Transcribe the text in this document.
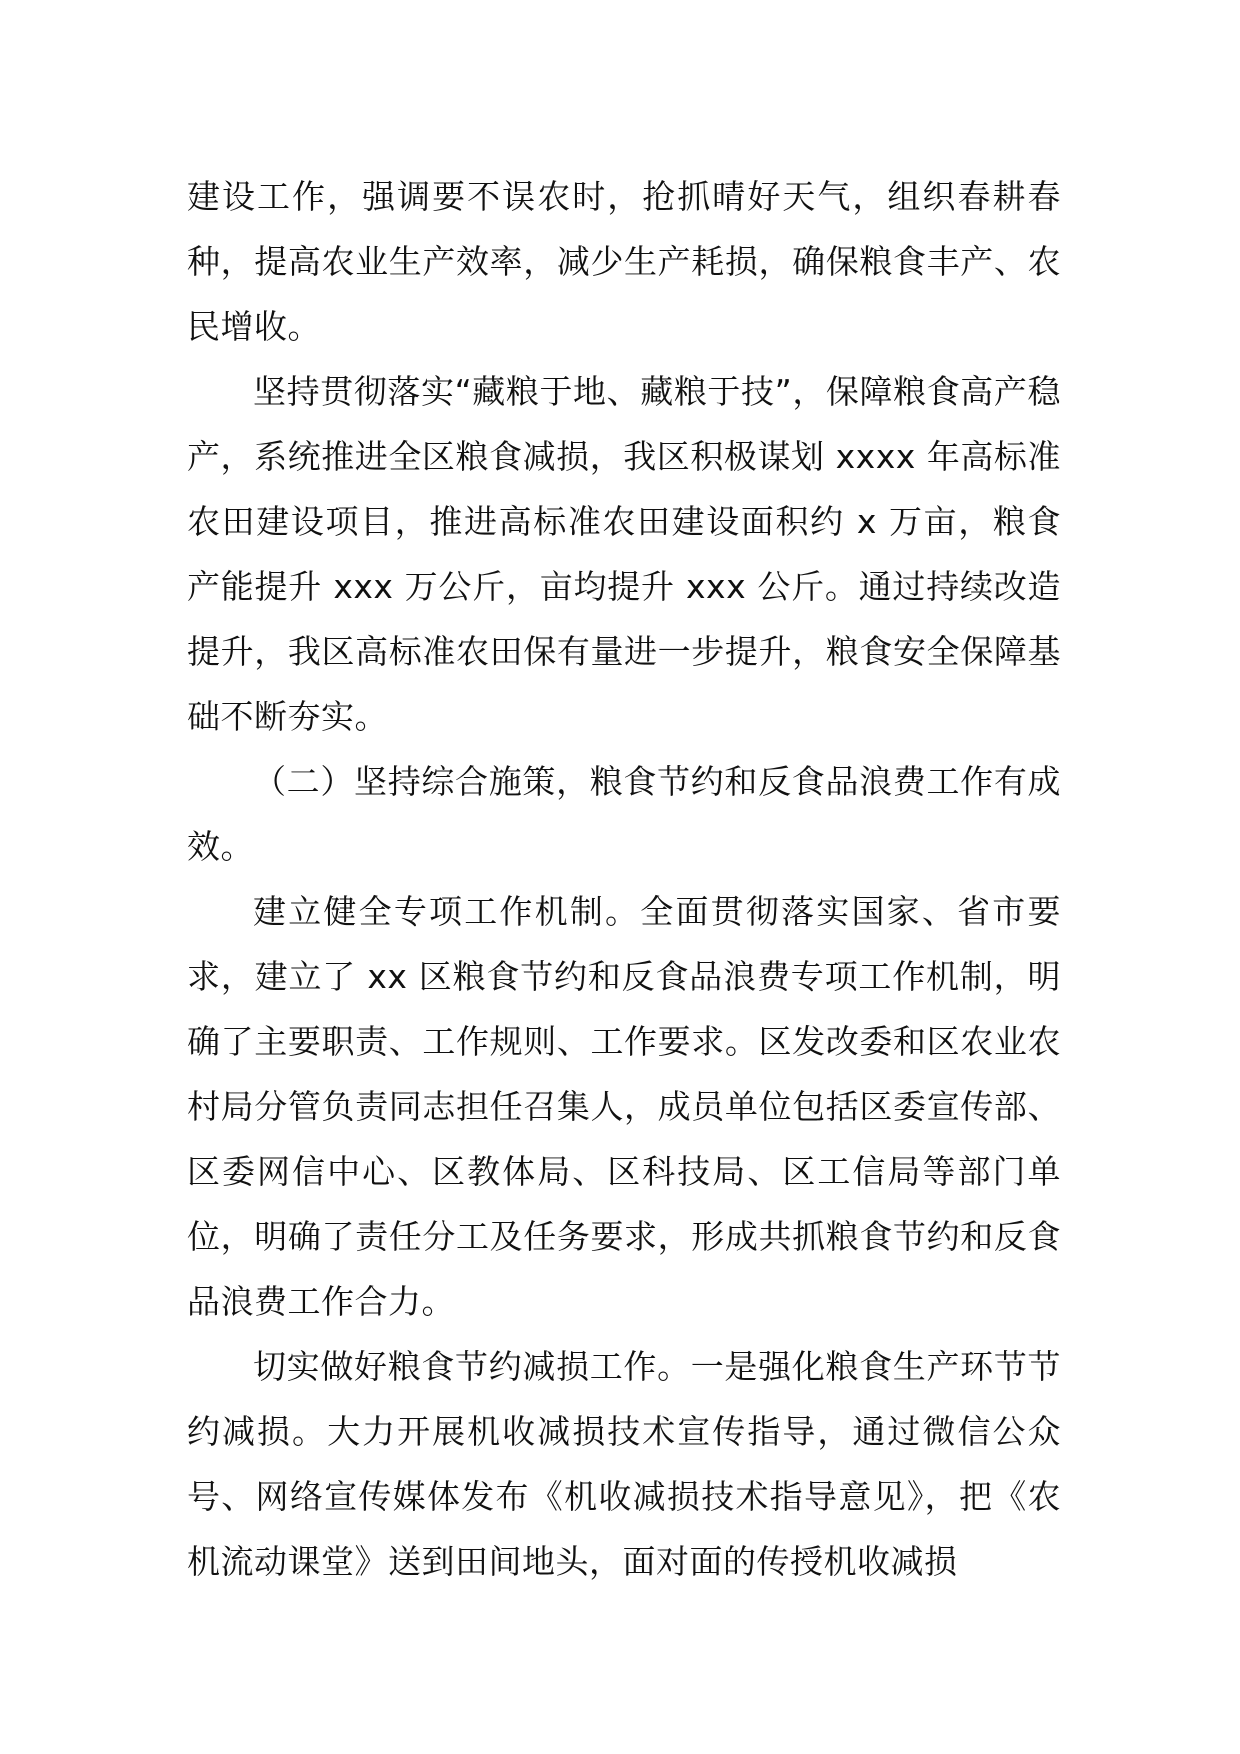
建设工作，强调要不误农时，抢抓晴好天气，组织春耕春种，提高农业生产效率，减少生产耗损，确保粮食丰产、农民增收。

坚持贯彻落实“藏粮于地、藏粮于技”，保障粮食高产稳产，系统推进全区粮食减损，我区积极谋划 xxxx 年高标准农田建设项目，推进高标准农田建设面积约 x 万亩，粮食产能提升 xxx 万公斤，亩均提升 xxx 公斤。通过持续改造提升，我区高标准农田保有量进一步提升，粮食安全保障基础不断夯实。

（二）坚持综合施策，粮食节约和反食品浪费工作有成效。

建立健全专项工作机制。全面贯彻落实国家、省市要求，建立了 xx 区粮食节约和反食品浪费专项工作机制，明确了主要职责、工作规则、工作要求。区发改委和区农业农村局分管负责同志担任召集人，成员单位包括区委宣传部、区委网信中心、区教体局、区科技局、区工信局等部门单位，明确了责任分工及任务要求，形成共抓粮食节约和反食品浪费工作合力。

切实做好粮食节约减损工作。一是强化粮食生产环节节约减损。大力开展机收减损技术宣传指导，通过微信公众号、网络宣传媒体发布《机收减损技术指导意见》，把《农机流动课堂》送到田间地头，面对面的传授机收减损
